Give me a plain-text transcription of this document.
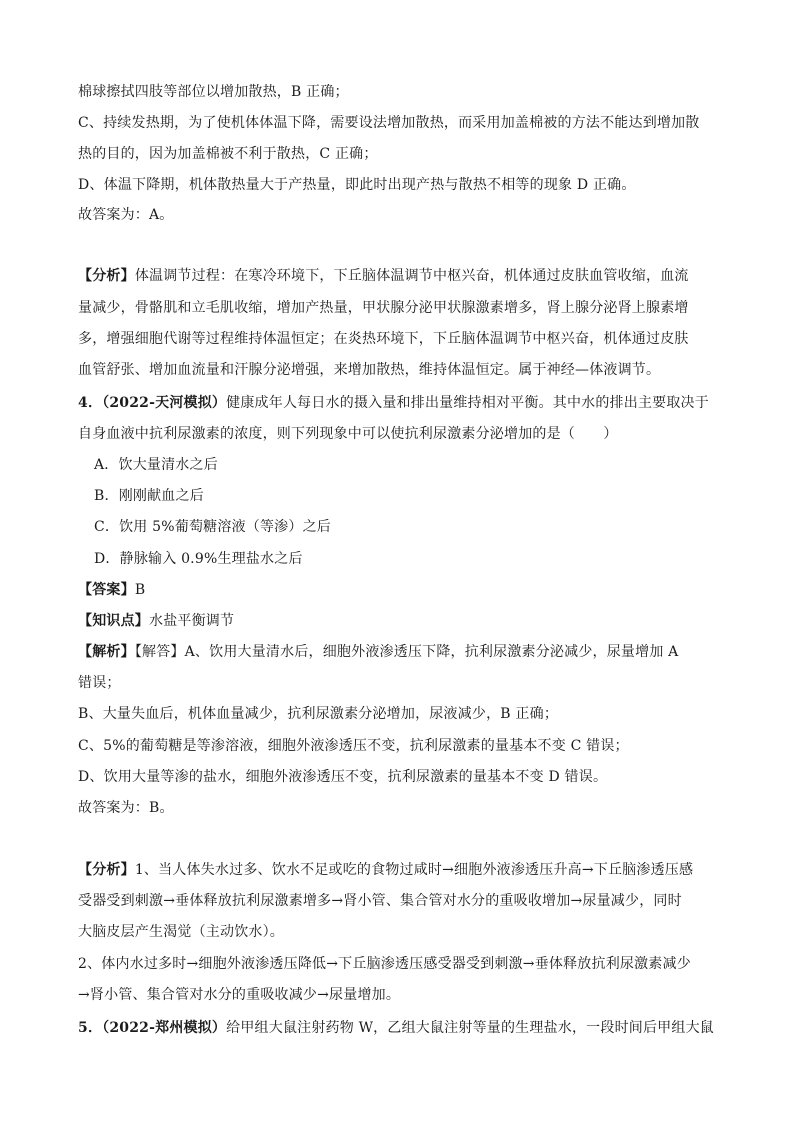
棉球擦拭四肢等部位以增加散热，B 正确；
C、持续发热期，为了使机体体温下降，需要设法增加散热，而采用加盖棉被的方法不能达到增加散
热的目的，因为加盖棉被不利于散热，C 正确；
D、体温下降期，机体散热量大于产热量，即此时出现产热与散热不相等的现象 D 正确。
故答案为：A。
【分析】体温调节过程：在寒冷环境下，下丘脑体温调节中枢兴奋，机体通过皮肤血管收缩，血流
量减少，骨骼肌和立毛肌收缩，增加产热量，甲状腺分泌甲状腺激素增多，肾上腺分泌肾上腺素增
多，增强细胞代谢等过程维持体温恒定；在炎热环境下，下丘脑体温调节中枢兴奋，机体通过皮肤
血管舒张、增加血流量和汗腺分泌增强，来增加散热，维持体温恒定。属于神经—体液调节。
4．（2022-天河模拟）健康成年人每日水的摄入量和排出量维持相对平衡。其中水的排出主要取决于
自身血液中抗利尿激素的浓度，则下列现象中可以使抗利尿激素分泌增加的是（　　）
A．饮大量清水之后
B．刚刚献血之后
C．饮用 5%葡萄糖溶液（等渗）之后
D．静脉输入 0.9%生理盐水之后
【答案】B
【知识点】水盐平衡调节
【解析】【解答】A、饮用大量清水后，细胞外液渗透压下降，抗利尿激素分泌减少，尿量增加 A
错误；
B、大量失血后，机体血量减少，抗利尿激素分泌增加，尿液减少，B 正确；
C、5%的葡萄糖是等渗溶液，细胞外液渗透压不变，抗利尿激素的量基本不变 C 错误；
D、饮用大量等渗的盐水，细胞外液渗透压不变，抗利尿激素的量基本不变 D 错误。
故答案为：B。
【分析】1、当人体失水过多、饮水不足或吃的食物过咸时→细胞外液渗透压升高→下丘脑渗透压感
受器受到刺激→垂体释放抗利尿激素增多→肾小管、集合管对水分的重吸收增加→尿量减少，同时
大脑皮层产生渴觉（主动饮水）。
2、体内水过多时→细胞外液渗透压降低→下丘脑渗透压感受器受到刺激→垂体释放抗利尿激素减少
→肾小管、集合管对水分的重吸收减少→尿量增加。
5．（2022-郑州模拟）给甲组大鼠注射药物 W，乙组大鼠注射等量的生理盐水，一段时间后甲组大鼠
